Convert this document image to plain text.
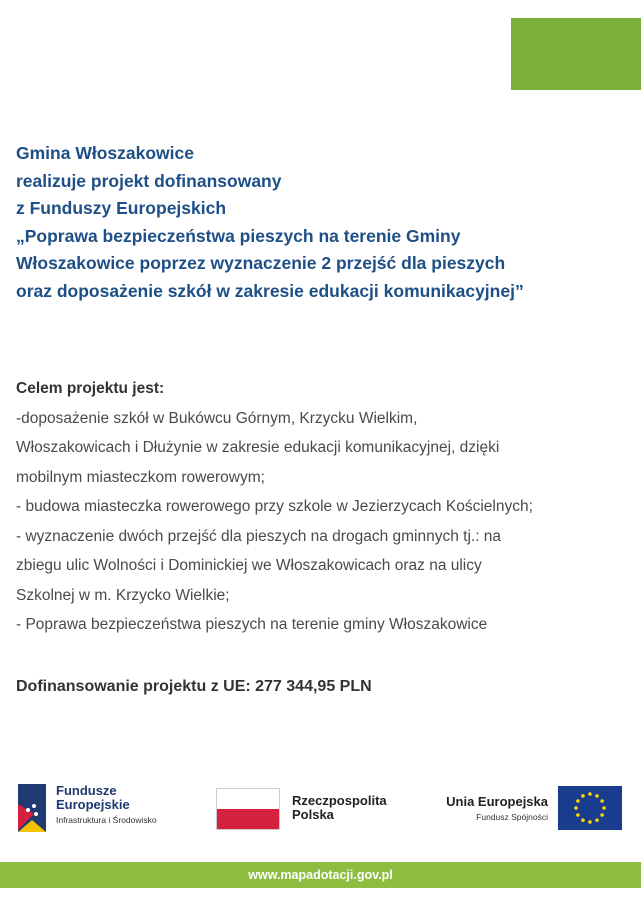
Gmina Włoszakowice
realizuje projekt dofinansowany
z Funduszy Europejskich
„Poprawa bezpieczeństwa pieszych na terenie Gminy
Włoszakowice poprzez wyznaczenie 2 przejść dla pieszych
oraz doposażenie szkół w zakresie edukacji komunikacyjnej”
Celem projektu jest:
-doposażenie szkół w Bukówcu Górnym, Krzycku Wielkim,
Włoszakowicach i Dłużynie w zakresie edukacji komunikacyjnej, dzięki
mobilnym miasteczkom rowerowym;
- budowa miasteczka rowerowego przy szkole w Jezierzycach Kościelnych;
- wyznaczenie dwóch przejść dla pieszych na drogach gminnych tj.: na
zbiegu ulic Wolności i Dominickiej we Włoszakowicach oraz na ulicy
Szkolnej w m. Krzycko Wielkie;
- Poprawa bezpieczeństwa pieszych na terenie gminy Włoszakowice
Dofinansowanie projektu z UE: 277 344,95 PLN
Fundusze
Europejskie
Infrastruktura i Środowisko
Rzeczpospolita
Polska
Unia Europejska
Fundusz Spójności
www.mapadotacji.gov.pl
